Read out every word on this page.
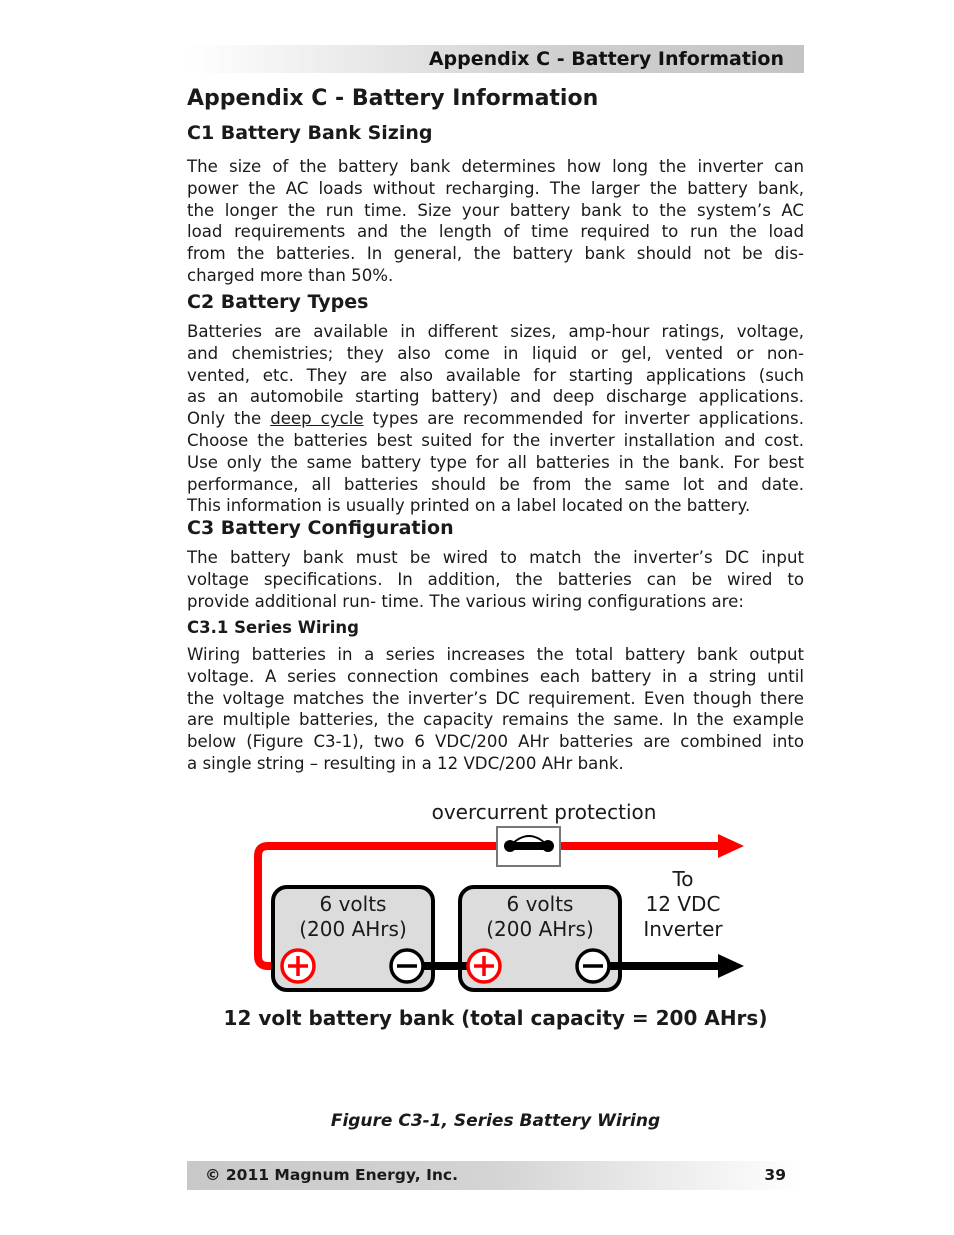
Appendix C - Battery Information
Appendix C - Battery Information
C1 Battery Bank Sizing
The size of the battery bank determines how long the inverter can
power the AC loads without recharging. The larger the battery bank,
the longer the run time. Size your battery bank to the system’s AC
load requirements and the length of time required to run the load
from the batteries. In general, the battery bank should not be dis-
charged more than 50%.
C2 Battery Types
Batteries are available in different sizes, amp-hour ratings, voltage,
and chemistries; they also come in liquid or gel, vented or non-
vented, etc. They are also available for starting applications (such
as an automobile starting battery) and deep discharge applications.
Only the deep cycle types are recommended for inverter applications.
Choose the batteries best suited for the inverter installation and cost.
Use only the same battery type for all batteries in the bank. For best
performance, all batteries should be from the same lot and date.
This information is usually printed on a label located on the battery.
C3 Battery Configuration
The battery bank must be wired to match the inverter’s DC input
voltage specifications. In addition, the batteries can be wired to
provide additional run- time. The various wiring configurations are:
C3.1 Series Wiring
Wiring batteries in a series increases the total battery bank output
voltage. A series connection combines each battery in a string until
the voltage matches the inverter’s DC requirement. Even though there
are multiple batteries, the capacity remains the same. In the example
below (Figure C3-1), two 6 VDC/200 AHr batteries are combined into
a single string – resulting in a 12 VDC/200 AHr bank.
overcurrent protection
6 volts
(200 AHrs)
6 volts
(200 AHrs)
To
12 VDC
Inverter
12 volt battery bank (total capacity = 200 AHrs)
Figure C3-1, Series Battery Wiring
© 2011 Magnum Energy, Inc.	39
